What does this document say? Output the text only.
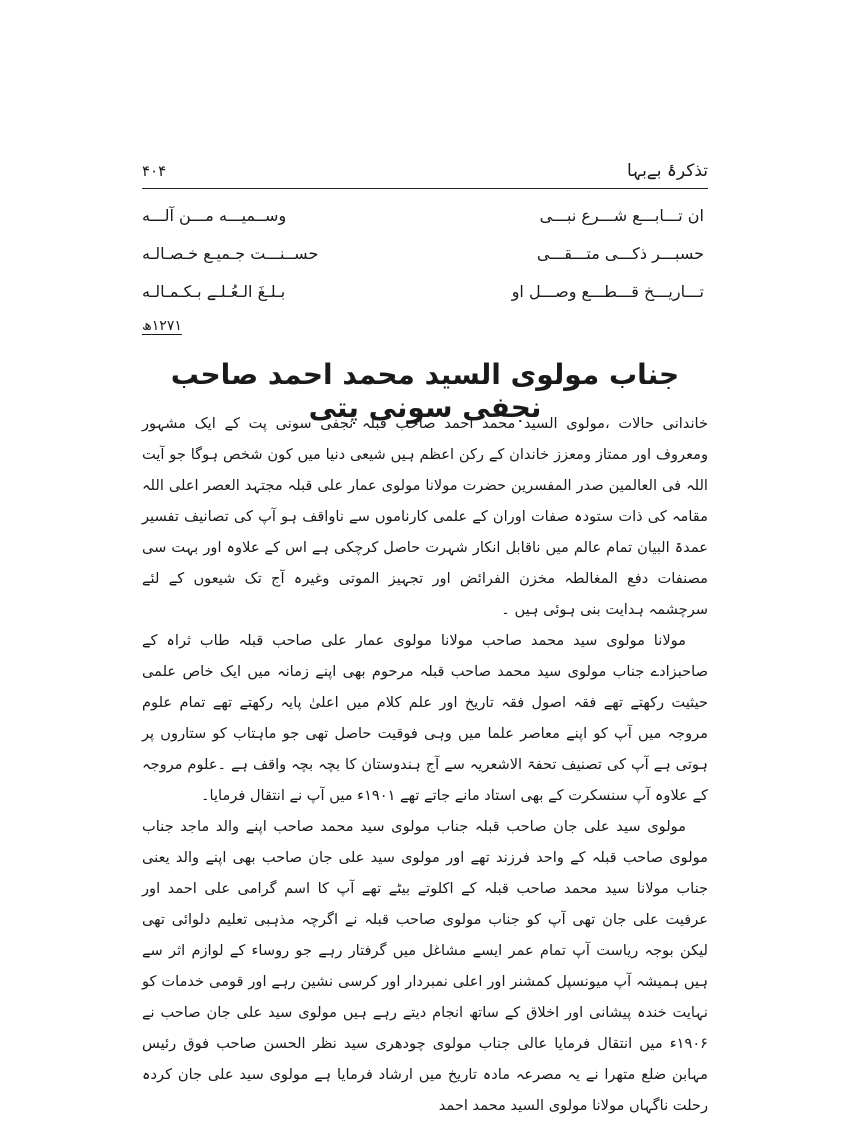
تذکرۂ بےبہا
۴۰۴
ان تـــابـــع شـــرع نبـــی
وســمیـــه مـــن آلـــه
حسبـــر ذکـــی متـــقـــی
حســنـــت جـمیـع خـصـالـه
تـــاریـــخ قـــطـــع وصـــل او
بـلـغَ الـعُـلـے بـکـمـالـه
۱۲۷۱ھ
جناب مولوی السید محمد احمد صاحب نجفی سونی پتی

خاندانی حالات ،مولوی السید محمد احمد صاحب قبلہ نجفی سونی پت کے ایک مشہور ومعروف اور ممتاز ومعزز خاندان کے رکن اعظم ہیں شیعی دنیا میں کون شخص ہوگا جو آیت اللہ فی العالمین صدر المفسرین حضرت مولانا مولوی عمار علی قبلہ مجتہد العصر اعلی اللہ مقامہ کی ذات ستودہ صفات اوران کے علمی کارناموں سے ناواقف ہو آپ کی تصانیف تفسیر عمدۃ البیان تمام عالم میں ناقابل انکار شہرت حاصل کرچکی ہے اس کے علاوہ اور بہت سی مصنفات دفع المغالطہ مخزن الفرائض اور تجہیز الموتی وغیرہ آج تک شیعوں کے لئے سرچشمہ ہدایت بنی ہوئی ہیں ۔

مولانا مولوی سید محمد صاحب مولانا مولوی عمار علی صاحب قبلہ طاب ثراہ کے صاحبزادے جناب مولوی سید محمد صاحب قبلہ مرحوم بھی اپنے زمانہ میں ایک خاص علمی حیثیت رکھتے تھے فقہ اصول فقہ تاریخ اور علم کلام میں اعلیٰ پایہ رکھتے تھے تمام علوم مروجہ میں آپ کو اپنے معاصر علما میں وہی فوقیت حاصل تھی جو ماہتاب کو ستاروں پر ہوتی ہے آپ کی تصنیف تحفۃ الاشعریہ سے آج ہندوستان کا بچہ بچہ واقف ہے ۔علوم مروجہ کے علاوہ آپ سنسکرت کے بھی استاد مانے جاتے تھے ۱۹۰۱ء میں آپ نے انتقال فرمایا۔

مولوی سید علی جان صاحب قبلہ جناب مولوی سید محمد صاحب اپنے والد ماجد جناب مولوی صاحب قبلہ کے واحد فرزند تھے اور مولوی سید علی جان صاحب بھی اپنے والد یعنی جناب مولانا سید محمد صاحب قبلہ کے اکلوتے بیٹے تھے آپ کا اسم گرامی علی احمد اور عرفیت علی جان تھی آپ کو جناب مولوی صاحب قبلہ نے اگرچہ مذہبی تعلیم دلوائی تھی لیکن بوجہ ریاست آپ تمام عمر ایسے مشاغل میں گرفتار رہے جو روساء کے لوازم اثر سے ہیں ہمیشہ آپ میونسپل کمشنر اور اعلی نمبردار اور کرسی نشین رہے اور قومی خدمات کو نہایت خندہ پیشانی اور اخلاق کے ساتھ انجام دیتے رہے ہیں مولوی سید علی جان صاحب نے ۱۹۰۶ء میں انتقال فرمایا عالی جناب مولوی چودھری سید نظر الحسن صاحب فوق رئیس مہابن ضلع متھرا نے یہ مصرعہ مادہ تاریخ میں ارشاد فرمایا ہے مولوی سید علی جان کردہ رحلت ناگہاں مولانا مولوی السید محمد احمد
